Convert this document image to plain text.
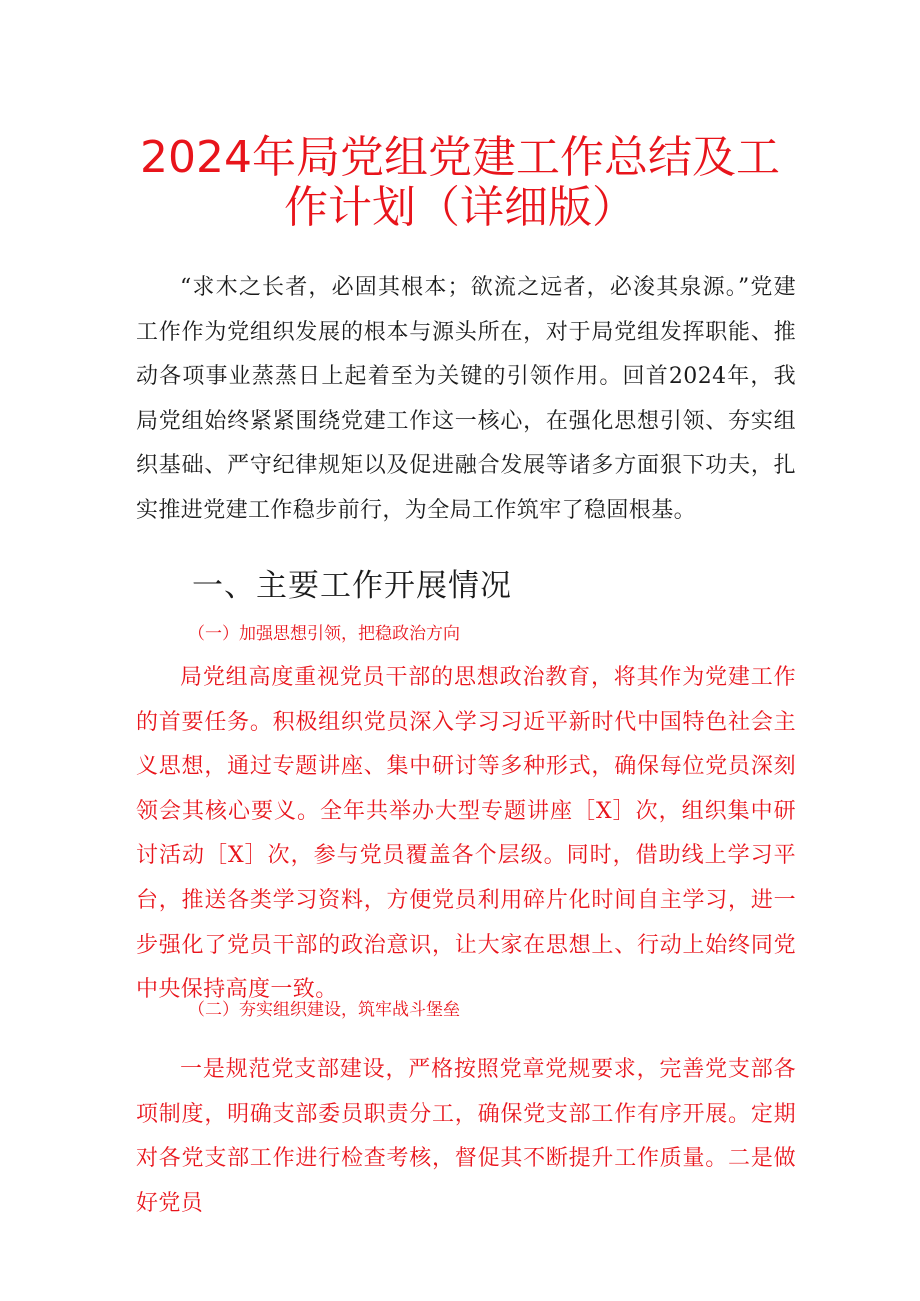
2024年局党组党建工作总结及工
作计划（详细版）

“求木之长者，必固其根本；欲流之远者，必浚其泉源。”党建工作作为党组织发展的根本与源头所在，对于局党组发挥职能、推动各项事业蒸蒸日上起着至为关键的引领作用。回首2024年，我局党组始终紧紧围绕党建工作这一核心，在强化思想引领、夯实组织基础、严守纪律规矩以及促进融合发展等诸多方面狠下功夫，扎实推进党建工作稳步前行，为全局工作筑牢了稳固根基。

一、主要工作开展情况
（一）加强思想引领，把稳政治方向

局党组高度重视党员干部的思想政治教育，将其作为党建工作的首要任务。积极组织党员深入学习习近平新时代中国特色社会主义思想，通过专题讲座、集中研讨等多种形式，确保每位党员深刻领会其核心要义。全年共举办大型专题讲座［X］次，组织集中研讨活动［X］次，参与党员覆盖各个层级。同时，借助线上学习平台，推送各类学习资料，方便党员利用碎片化时间自主学习，进一步强化了党员干部的政治意识，让大家在思想上、行动上始终同党中央保持高度一致。

（二）夯实组织建设，筑牢战斗堡垒

一是规范党支部建设，严格按照党章党规要求，完善党支部各项制度，明确支部委员职责分工，确保党支部工作有序开展。定期对各党支部工作进行检查考核，督促其不断提升工作质量。二是做好党员
